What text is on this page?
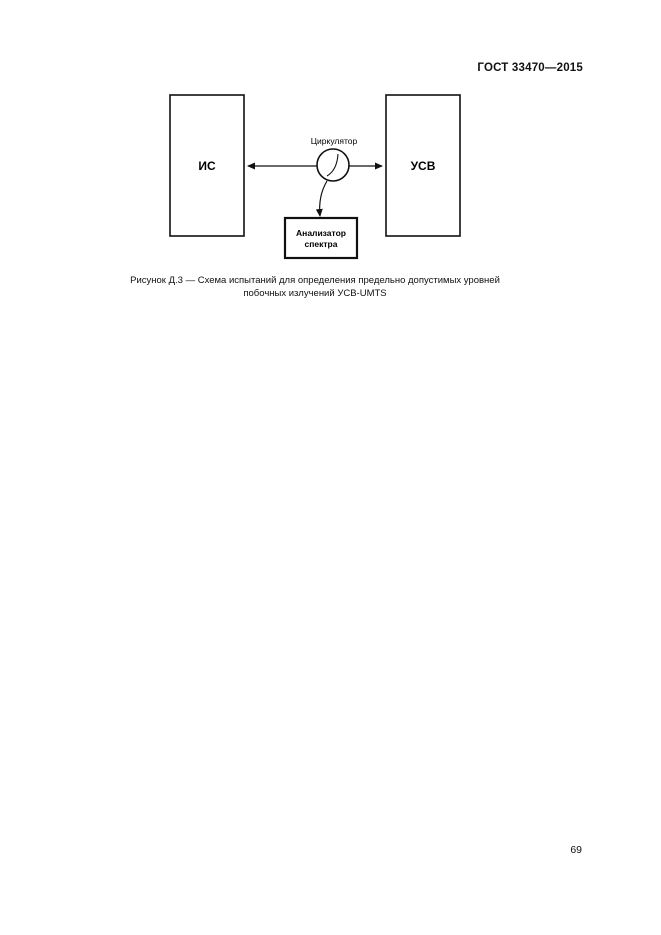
ГОСТ 33470—2015
ИС	УСВ
Циркулятор
Анализатор
спектра
Рисунок Д.3 — Схема испытаний для определения предельно допустимых уровней
побочных излучений УСВ-UMTS
69
